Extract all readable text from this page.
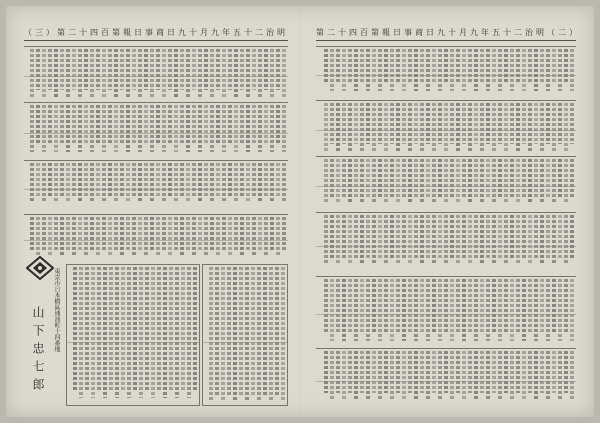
（三） 第二十四百第 報日事商 日九十月九年五十二治明
東京市日本橋區通油町十四番地
山下忠七郎
第二十四百第 報日事商 日九十月九年五十二治明 （二）
